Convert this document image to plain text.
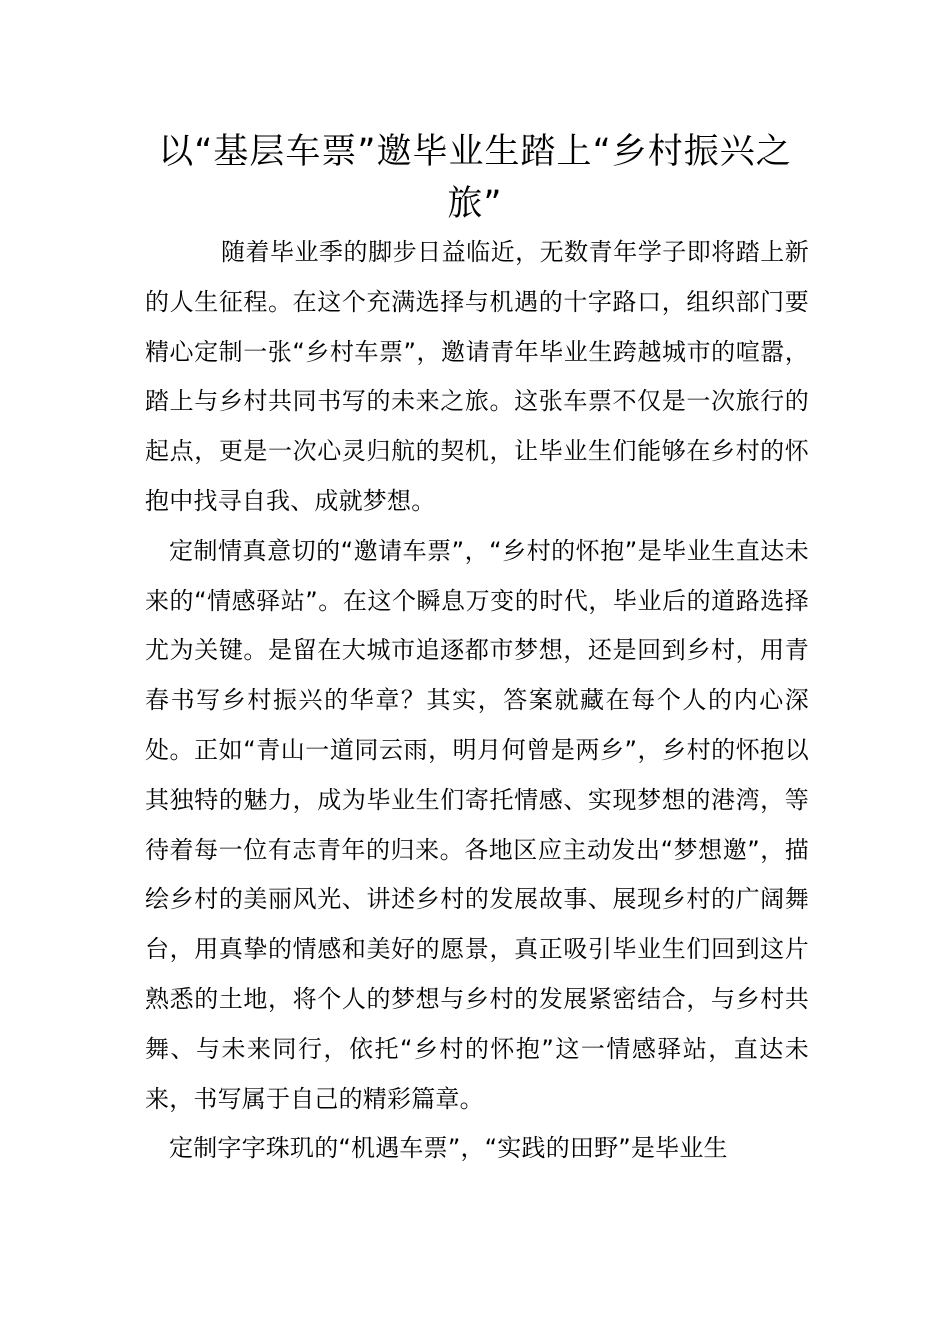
以“基层车票”邀毕业生踏上“乡村振兴之旅”

随着毕业季的脚步日益临近，无数青年学子即将踏上新的人生征程。在这个充满选择与机遇的十字路口，组织部门要精心定制一张“乡村车票”，邀请青年毕业生跨越城市的喧嚣，踏上与乡村共同书写的未来之旅。这张车票不仅是一次旅行的起点，更是一次心灵归航的契机，让毕业生们能够在乡村的怀抱中找寻自我、成就梦想。

定制情真意切的“邀请车票”，“乡村的怀抱”是毕业生直达未来的“情感驿站”。在这个瞬息万变的时代，毕业后的道路选择尤为关键。是留在大城市追逐都市梦想，还是回到乡村，用青春书写乡村振兴的华章？其实，答案就藏在每个人的内心深处。正如“青山一道同云雨，明月何曾是两乡”，乡村的怀抱以其独特的魅力，成为毕业生们寄托情感、实现梦想的港湾，等待着每一位有志青年的归来。各地区应主动发出“梦想邀”，描绘乡村的美丽风光、讲述乡村的发展故事、展现乡村的广阔舞台，用真挚的情感和美好的愿景，真正吸引毕业生们回到这片熟悉的土地，将个人的梦想与乡村的发展紧密结合，与乡村共舞、与未来同行，依托“乡村的怀抱”这一情感驿站，直达未来，书写属于自己的精彩篇章。

定制字字珠玑的“机遇车票”，“实践的田野”是毕业生
